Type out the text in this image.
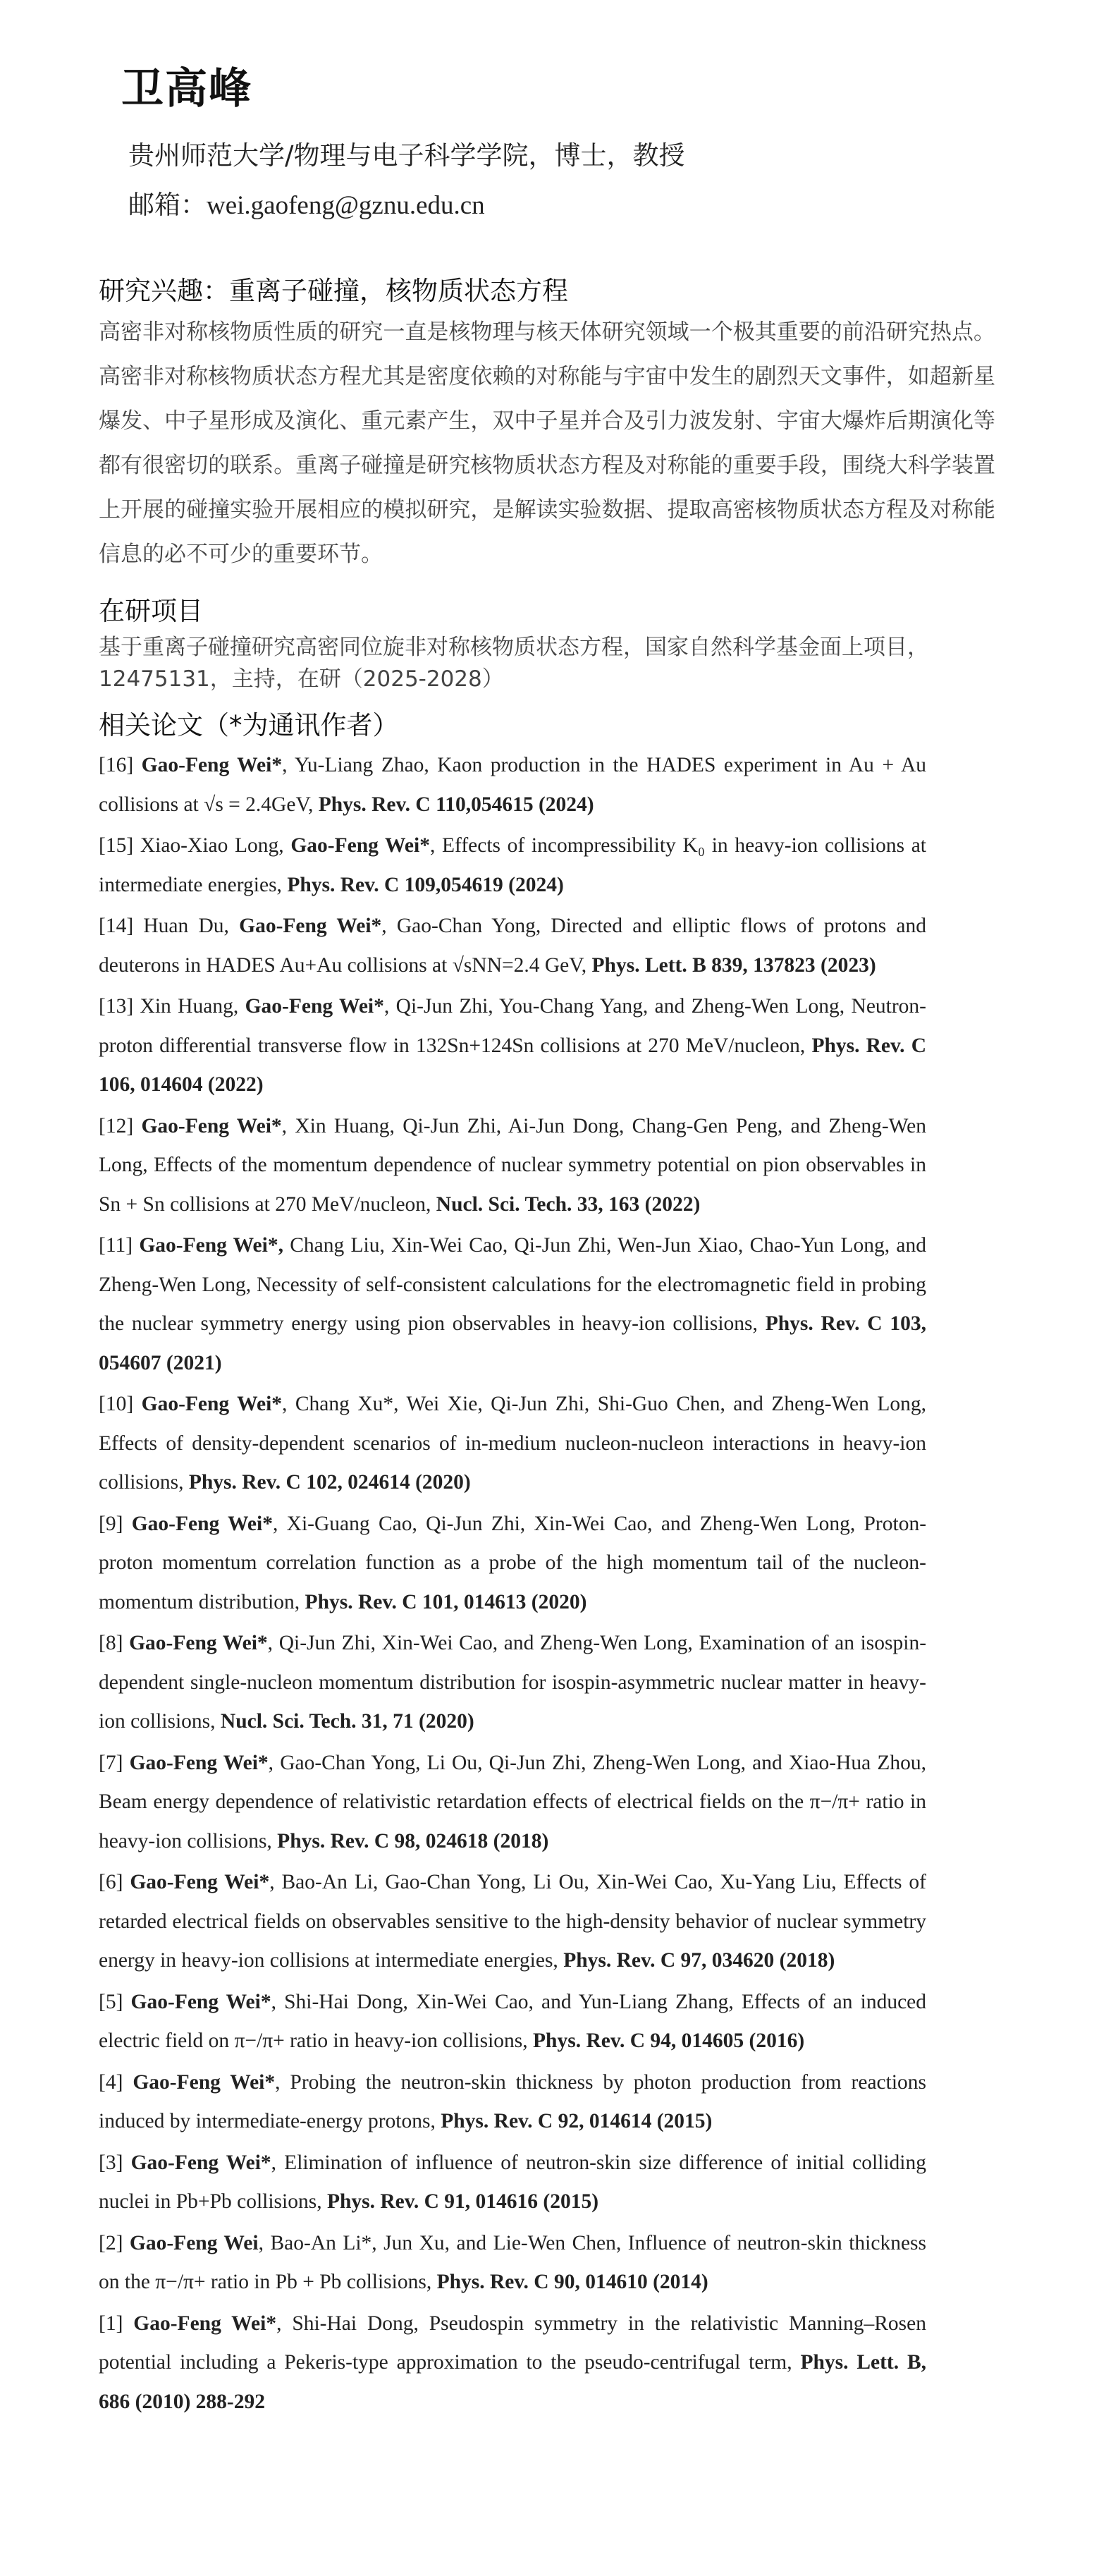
卫高峰
贵州师范大学/物理与电子科学学院，博士，教授
邮箱：wei.gaofeng@gznu.edu.cn
研究兴趣：重离子碰撞，核物质状态方程
高密非对称核物质性质的研究一直是核物理与核天体研究领域一个极其重要的前沿研究热点。高密非对称核物质状态方程尤其是密度依赖的对称能与宇宙中发生的剧烈天文事件，如超新星爆发、中子星形成及演化、重元素产生，双中子星并合及引力波发射、宇宙大爆炸后期演化等都有很密切的联系。重离子碰撞是研究核物质状态方程及对称能的重要手段，围绕大科学装置上开展的碰撞实验开展相应的模拟研究，是解读实验数据、提取高密核物质状态方程及对称能信息的必不可少的重要环节。
在研项目
基于重离子碰撞研究高密同位旋非对称核物质状态方程，国家自然科学基金面上项目，12475131，主持，在研（2025-2028）
相关论文（*为通讯作者）
[16] Gao-Feng Wei*, Yu-Liang Zhao, Kaon production in the HADES experiment in Au + Au collisions at √s = 2.4GeV, Phys. Rev. C 110,054615 (2024)
[15] Xiao-Xiao Long, Gao-Feng Wei*, Effects of incompressibility K₀ in heavy-ion collisions at intermediate energies, Phys. Rev. C 109,054619 (2024)
[14] Huan Du, Gao-Feng Wei*, Gao-Chan Yong, Directed and elliptic flows of protons and deuterons in HADES Au+Au collisions at √sNN=2.4 GeV, Phys. Lett. B 839, 137823 (2023)
[13] Xin Huang, Gao-Feng Wei*, Qi-Jun Zhi, You-Chang Yang, and Zheng-Wen Long, Neutron-proton differential transverse flow in 132Sn+124Sn collisions at 270 MeV/nucleon, Phys. Rev. C 106, 014604 (2022)
[12] Gao-Feng Wei*, Xin Huang, Qi-Jun Zhi, Ai-Jun Dong, Chang-Gen Peng, and Zheng-Wen Long, Effects of the momentum dependence of nuclear symmetry potential on pion observables in Sn + Sn collisions at 270 MeV/nucleon, Nucl. Sci. Tech. 33, 163 (2022)
[11] Gao-Feng Wei*, Chang Liu, Xin-Wei Cao, Qi-Jun Zhi, Wen-Jun Xiao, Chao-Yun Long, and Zheng-Wen Long, Necessity of self-consistent calculations for the electromagnetic field in probing the nuclear symmetry energy using pion observables in heavy-ion collisions, Phys. Rev. C 103, 054607 (2021)
[10] Gao-Feng Wei*, Chang Xu*, Wei Xie, Qi-Jun Zhi, Shi-Guo Chen, and Zheng-Wen Long, Effects of density-dependent scenarios of in-medium nucleon-nucleon interactions in heavy-ion collisions, Phys. Rev. C 102, 024614 (2020)
[9] Gao-Feng Wei*, Xi-Guang Cao, Qi-Jun Zhi, Xin-Wei Cao, and Zheng-Wen Long, Proton-proton momentum correlation function as a probe of the high momentum tail of the nucleon-momentum distribution, Phys. Rev. C 101, 014613 (2020)
[8] Gao-Feng Wei*, Qi-Jun Zhi, Xin-Wei Cao, and Zheng-Wen Long, Examination of an isospin-dependent single-nucleon momentum distribution for isospin-asymmetric nuclear matter in heavy-ion collisions, Nucl. Sci. Tech. 31, 71 (2020)
[7] Gao-Feng Wei*, Gao-Chan Yong, Li Ou, Qi-Jun Zhi, Zheng-Wen Long, and Xiao-Hua Zhou, Beam energy dependence of relativistic retardation effects of electrical fields on the π−/π+ ratio in heavy-ion collisions, Phys. Rev. C 98, 024618 (2018)
[6] Gao-Feng Wei*, Bao-An Li, Gao-Chan Yong, Li Ou, Xin-Wei Cao, Xu-Yang Liu, Effects of retarded electrical fields on observables sensitive to the high-density behavior of nuclear symmetry energy in heavy-ion collisions at intermediate energies, Phys. Rev. C 97, 034620 (2018)
[5] Gao-Feng Wei*, Shi-Hai Dong, Xin-Wei Cao, and Yun-Liang Zhang, Effects of an induced electric field on π−/π+ ratio in heavy-ion collisions, Phys. Rev. C 94, 014605 (2016)
[4] Gao-Feng Wei*, Probing the neutron-skin thickness by photon production from reactions induced by intermediate-energy protons, Phys. Rev. C 92, 014614 (2015)
[3] Gao-Feng Wei*, Elimination of influence of neutron-skin size difference of initial colliding nuclei in Pb+Pb collisions, Phys. Rev. C 91, 014616 (2015)
[2] Gao-Feng Wei, Bao-An Li*, Jun Xu, and Lie-Wen Chen, Influence of neutron-skin thickness on the π−/π+ ratio in Pb + Pb collisions, Phys. Rev. C 90, 014610 (2014)
[1] Gao-Feng Wei*, Shi-Hai Dong, Pseudospin symmetry in the relativistic Manning–Rosen potential including a Pekeris-type approximation to the pseudo-centrifugal term, Phys. Lett. B, 686 (2010) 288-292
